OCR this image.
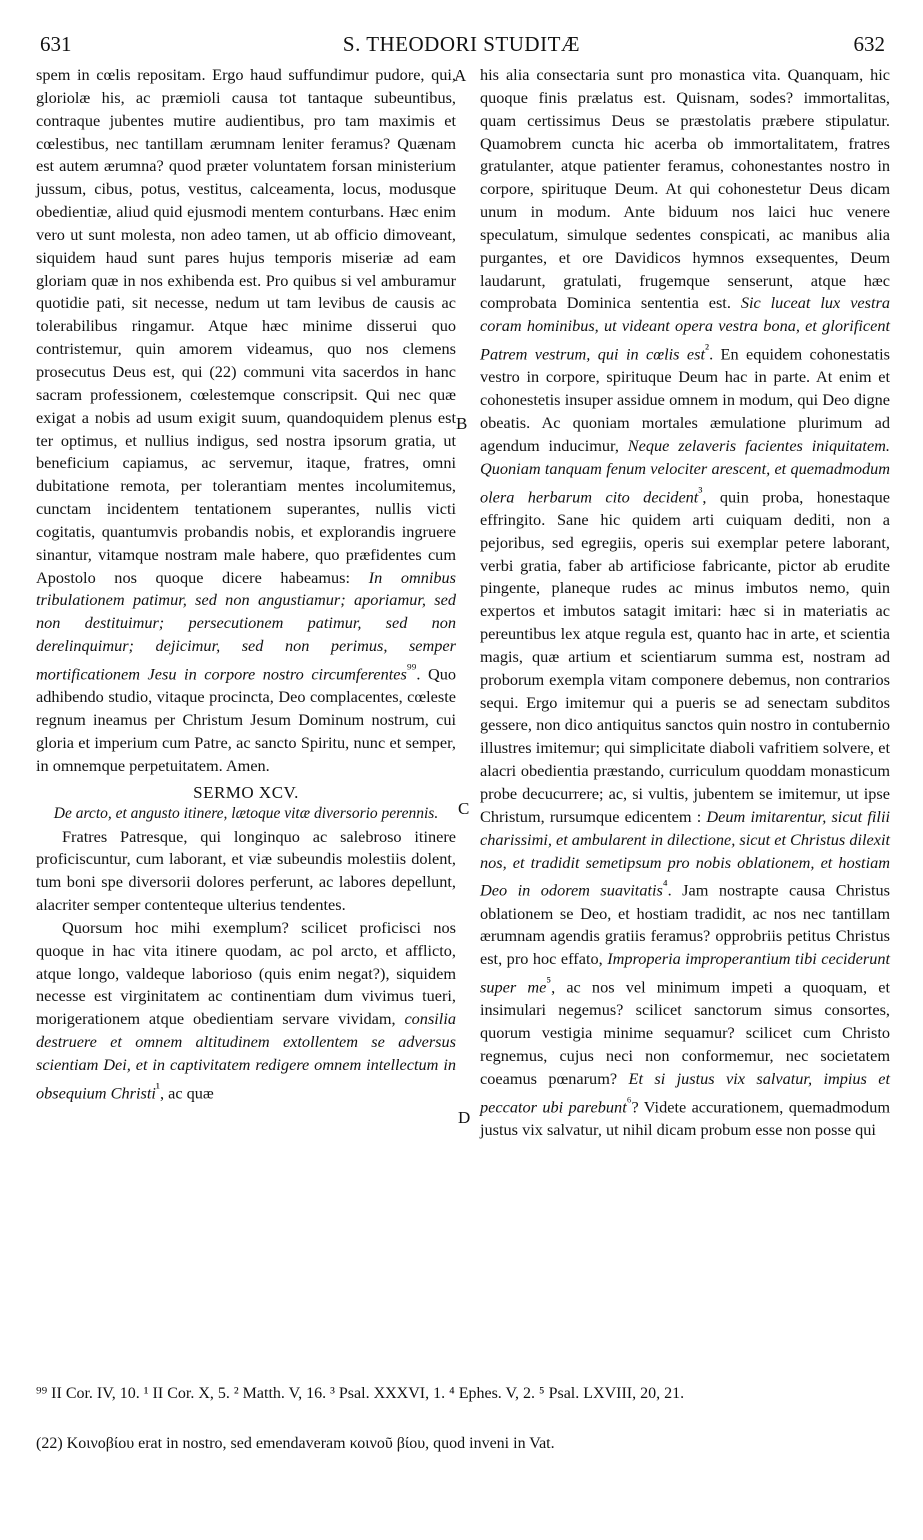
631	S. THEODORI STUDITÆ	632
A
B
C
D

spem in cœlis repositam. Ergo haud suffundimur pudore, qui, gloriolæ his, ac præmioli causa tot tantaque subeuntibus, contraque jubentes mutire audientibus, pro tam maximis et cœlestibus, nec tantillam ærumnam leniter feramus? Quænam est autem ærumna? quod præter voluntatem forsan ministerium jussum, cibus, potus, vestitus, calceamenta, locus, modusque obedientiæ, aliud quid ejusmodi mentem conturbans. Hæc enim vero ut sunt molesta, non adeo tamen, ut ab officio dimoveant, siquidem haud sunt pares hujus temporis miseriæ ad eam gloriam quæ in nos exhibenda est. Pro quibus si vel amburamur quotidie pati, sit necesse, nedum ut tam levibus de causis ac tolerabilibus ringamur. Atque hæc minime disserui quo contristemur, quin amorem videamus, quo nos clemens prosecutus Deus est, qui (22) communi vita sacerdos in hanc sacram professionem, cœlestemque conscripsit. Qui nec quæ exigat a nobis ad usum exigit suum, quandoquidem plenus est ter optimus, et nullius indigus, sed nostra ipsorum gratia, ut beneficium capiamus, ac servemur, itaque, fratres, omni dubitatione remota, per tolerantiam mentes incolumitemus, cunctam incidentem tentationem superantes, nullis victi cogitatis, quantumvis probandis nobis, et explorandis ingruere sinantur, vitamque nostram male habere, quo præfidentes cum Apostolo nos quoque dicere habeamus: In omnibus tribulationem patimur, sed non angustiamur; aporiamur, sed non destituimur; persecutionem patimur, sed non derelinquimur; dejicimur, sed non perimus, semper mortificationem Jesu in corpore nostro circumferentes$^{^{99}}$. Quo adhibendo studio, vitaque procincta, Deo complacentes, cœleste regnum ineamus per Christum Jesum Dominum nostrum, cui gloria et imperium cum Patre, ac sancto Spiritu, nunc et semper, in omnemque perpetuitatem. Amen.

SERMO XCV.
De arcto, et angusto itinere, lætoque vitæ diversorio perennis.

Fratres Patresque, qui longinquo ac salebroso itinere proficiscuntur, cum laborant, et viæ subeundis molestiis dolent, tum boni spe diversorii dolores perferunt, ac labores depellunt, alacriter semper contenteque ulterius tendentes.

Quorsum hoc mihi exemplum? scilicet proficisci nos quoque in hac vita itinere quodam, ac pol arcto, et afflicto, atque longo, valdeque laborioso (quis enim negat?), siquidem necesse est virginitatem ac continentiam dum vivimus tueri, morigerationem atque obedientiam servare vividam, consilia destruere et omnem altitudinem extollentem se adversus scientiam Dei, et in captivitatem redigere omnem intellectum in obsequium Christi$^{^1}$, ac quæ

his alia consectaria sunt pro monastica vita. Quanquam, hic quoque finis prælatus est. Quisnam, sodes? immortalitas, quam certissimus Deus se præstolatis præbere stipulatur. Quamobrem cuncta hic acerba ob immortalitatem, fratres gratulanter, atque patienter feramus, cohonestantes nostro in corpore, spirituque Deum. At qui cohonestetur Deus dicam unum in modum. Ante biduum nos laici huc venere speculatum, simulque sedentes conspicati, ac manibus alia purgantes, et ore Davidicos hymnos exsequentes, Deum laudarunt, gratulati, frugemque senserunt, atque hæc comprobata Dominica sententia est. Sic luceat lux vestra coram hominibus, ut videant opera vestra bona, et glorificent Patrem vestrum, qui in cœlis est$^{^2}$. En equidem cohonestatis vestro in corpore, spirituque Deum hac in parte. At enim et cohonestetis insuper assidue omnem in modum, qui Deo digne obeatis. Ac quoniam mortales æmulatione plurimum ad agendum inducimur, Neque zelaveris facientes iniquitatem. Quoniam tanquam fenum velociter arescent, et quemadmodum olera herbarum cito decident$^{^3}$, quin proba, honestaque effringito. Sane hic quidem arti cuiquam dediti, non a pejoribus, sed egregiis, operis sui exemplar petere laborant, verbi gratia, faber ab artificiose fabricante, pictor ab erudite pingente, planeque rudes ac minus imbutos nemo, quin expertos et imbutos satagit imitari: hæc si in materiatis ac pereuntibus lex atque regula est, quanto hac in arte, et scientia magis, quæ artium et scientiarum summa est, nostram ad proborum exempla vitam componere debemus, non contrarios sequi. Ergo imitemur qui a pueris se ad senectam subditos gessere, non dico antiquitus sanctos quin nostro in contubernio illustres imitemur; qui simplicitate diaboli vafritiem solvere, et alacri obedientia præstando, curriculum quoddam monasticum probe decucurrere; ac, si vultis, jubentem se imitemur, ut ipse Christum, rursumque edicentem : Deum imitarentur, sicut filii charissimi, et ambularent in dilectione, sicut et Christus dilexit nos, et tradidit semetipsum pro nobis oblationem, et hostiam Deo in odorem suavitatis$^{^4}$. Jam nostrapte causa Christus oblationem se Deo, et hostiam tradidit, ac nos nec tantillam ærumnam agendis gratiis feramus? opprobriis petitus Christus est, pro hoc effato, Improperia improperantium tibi ceciderunt super $me^{^5}$, ac nos vel minimum impeti a quoquam, et insimulari negemus? scilicet sanctorum simus consortes, quorum vestigia minime sequamur? scilicet cum Christo regnemus, cujus neci non conformemur, nec societatem coeamus pœnarum? Et si justus vix salvatur, impius et peccator ubi parebunt$^{^6}$? Videte accurationem, quemadmodum justus vix salvatur, ut nihil dicam probum esse non posse qui

⁹⁹ II Cor. IV, 10. ¹ II Cor. X, 5. ² Matth. V, 16. ³ Psal. XXXVI, 1. ⁴ Ephes. V, 2. ⁵ Psal. LXVIII, 20, 21.
(22) Κοινοβίου erat in nostro, sed emendaveram κοινοῦ βίου, quod inveni in Vat.
